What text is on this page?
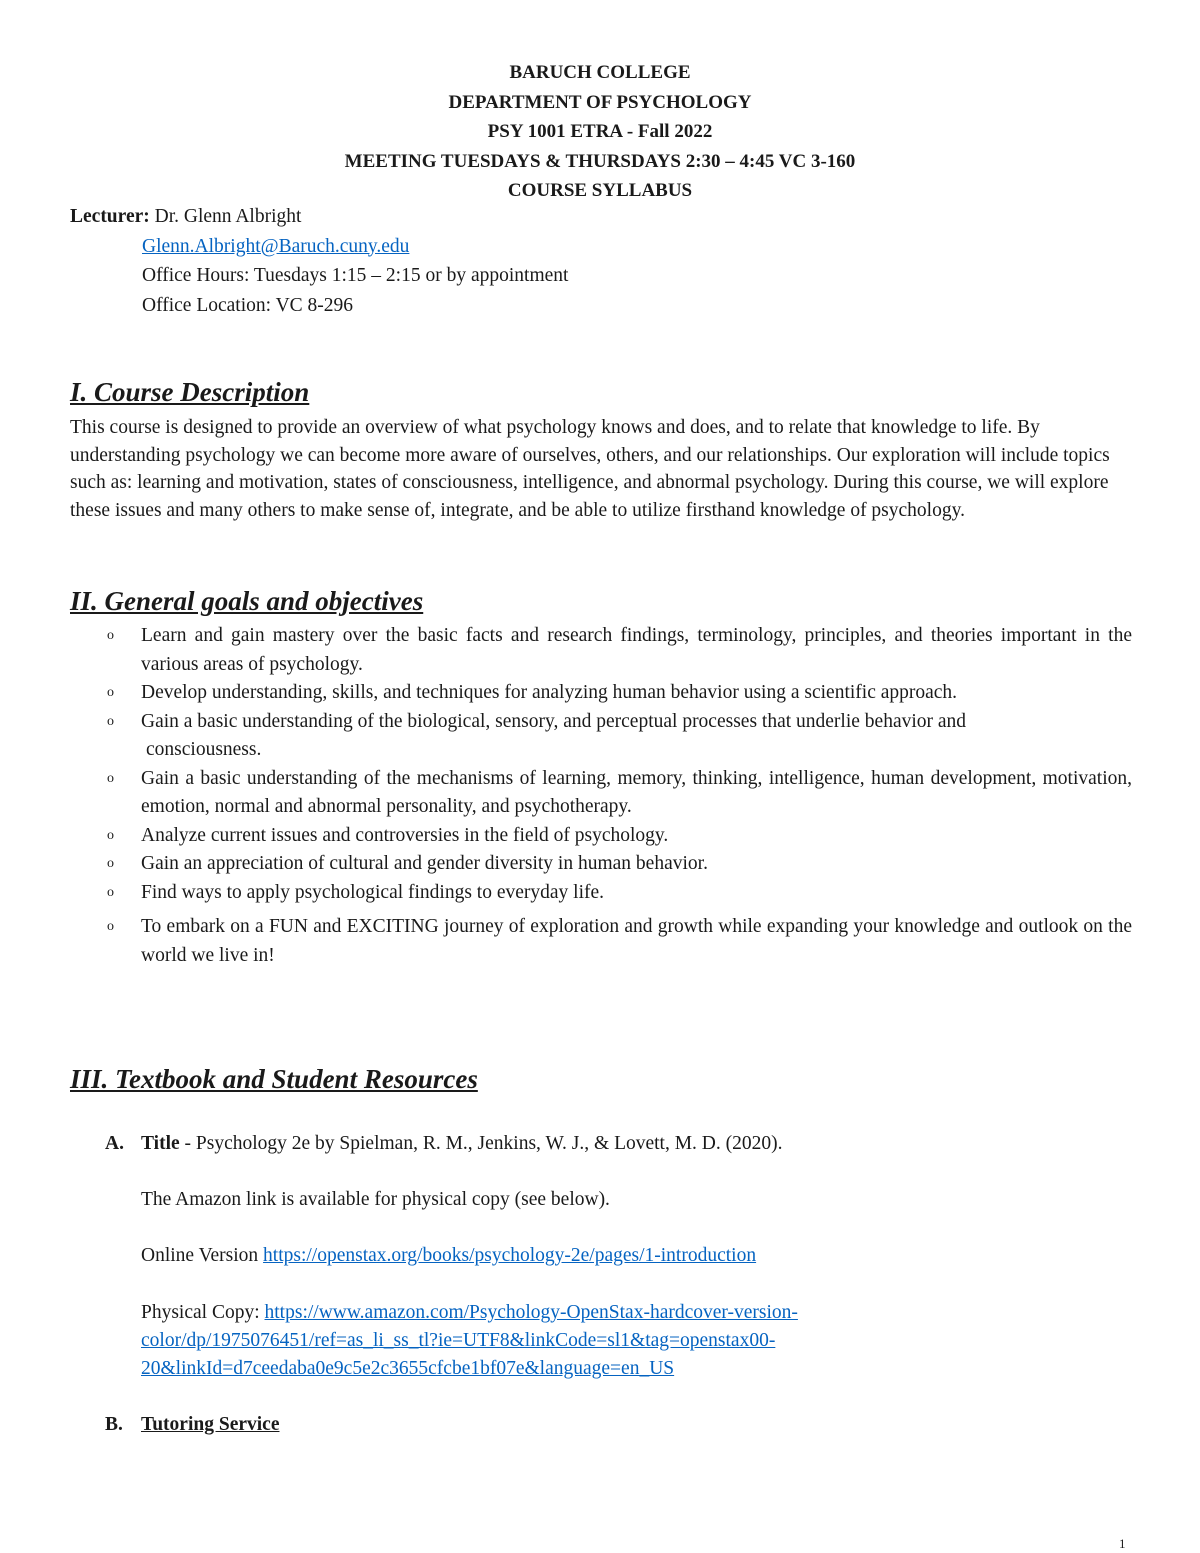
BARUCH COLLEGE
DEPARTMENT OF PSYCHOLOGY
PSY 1001 ETRA - Fall 2022
MEETING TUESDAYS & THURSDAYS 2:30 – 4:45 VC 3-160
COURSE SYLLABUS
Lecturer: Dr. Glenn Albright
Glenn.Albright@Baruch.cuny.edu
Office Hours: Tuesdays 1:15 – 2:15 or by appointment
Office Location: VC 8-296
I. Course Description
This course is designed to provide an overview of what psychology knows and does, and to relate that knowledge to life. By understanding psychology we can become more aware of ourselves, others, and our relationships. Our exploration will include topics such as: learning and motivation, states of consciousness, intelligence, and abnormal psychology. During this course, we will explore these issues and many others to make sense of, integrate, and be able to utilize firsthand knowledge of psychology.
II. General goals and objectives
o Learn and gain mastery over the basic facts and research findings, terminology, principles, and theories important in the various areas of psychology.
o Develop understanding, skills, and techniques for analyzing human behavior using a scientific approach.
o Gain a basic understanding of the biological, sensory, and perceptual processes that underlie behavior and
consciousness.
o Gain a basic understanding of the mechanisms of learning, memory, thinking, intelligence, human development, motivation, emotion, normal and abnormal personality, and psychotherapy.
o Analyze current issues and controversies in the field of psychology.
o Gain an appreciation of cultural and gender diversity in human behavior.
o Find ways to apply psychological findings to everyday life.
o To embark on a FUN and EXCITING journey of exploration and growth while expanding your knowledge and outlook on the world we live in!
III. Textbook and Student Resources
A. Title - Psychology 2e by Spielman, R. M., Jenkins, W. J., & Lovett, M. D. (2020).
The Amazon link is available for physical copy (see below).
Online Version https://openstax.org/books/psychology-2e/pages/1-introduction
Physical Copy: https://www.amazon.com/Psychology-OpenStax-hardcover-version-
color/dp/1975076451/ref=as_li_ss_tl?ie=UTF8&linkCode=sl1&tag=openstax00-
20&linkId=d7ceedaba0e9c5e2c3655cfcbe1bf07e&language=en_US
B. Tutoring Service
1
